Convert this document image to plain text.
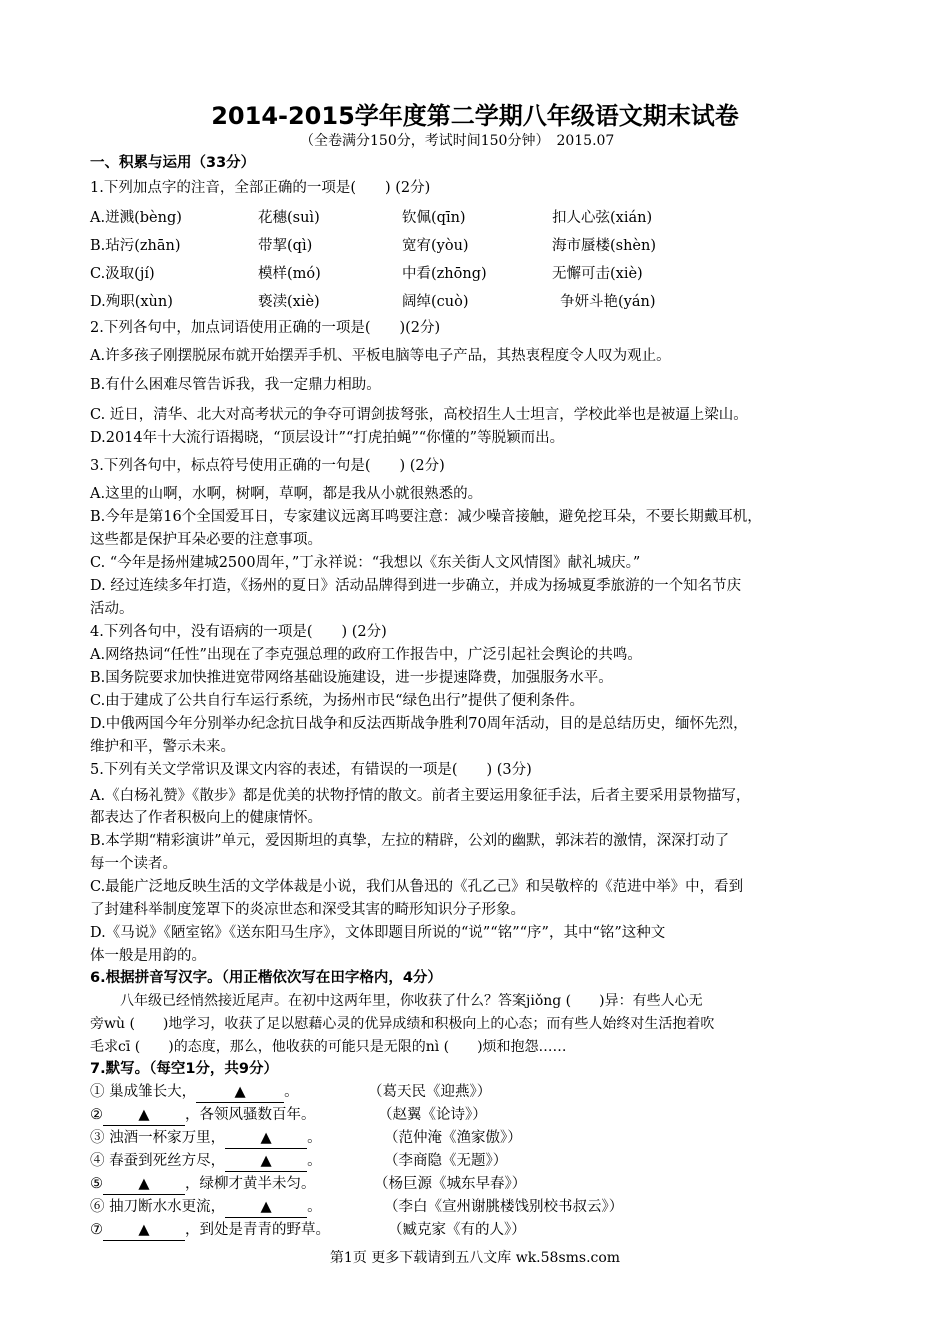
2014-2015学年度第二学期八年级语文期末试卷
（全卷满分150分，考试时间150分钟）　2015.07
一、积累与运用（33分）
1.下列加点字的注音，全部正确的一项是(　　) (2分)
A.迸溅(bèng)	花穗(suì)	钦佩(qīn)	扣人心弦(xián)
B.玷污(zhān)	带挈(qì)	宽宥(yòu)	海市蜃楼(shèn)
C.汲取(jí)	模样(mó)	中看(zhōng)	无懈可击(xiè)
D.殉职(xùn)	亵渎(xiè)	阔绰(cuò)	争妍斗艳(yán)
2.下列各句中，加点词语使用正确的一项是(　　)(2分)
A.许多孩子刚摆脱尿布就开始摆弄手机、平板电脑等电子产品，其热衷程度令人叹为观止。
B.有什么困难尽管告诉我，我一定鼎力相助。
C. 近日，清华、北大对高考状元的争夺可谓剑拔弩张，高校招生人士坦言，学校此举也是被逼上梁山。
D.2014年十大流行语揭晓，“顶层设计”“打虎拍蝇”“你懂的”等脱颖而出。
3.下列各句中，标点符号使用正确的一句是(　　) (2分)
A.这里的山啊，水啊，树啊，草啊，都是我从小就很熟悉的。
B.今年是第16个全国爱耳日，专家建议远离耳鸣要注意：减少噪音接触，避免挖耳朵，不要长期戴耳机，
这些都是保护耳朵必要的注意事项。
C. “今年是扬州建城2500周年，”丁永祥说：“我想以《东关街人文风情图》献礼城庆。”
D. 经过连续多年打造，《扬州的夏日》活动品牌得到进一步确立，并成为扬城夏季旅游的一个知名节庆
活动。
4.下列各句中，没有语病的一项是(　　) (2分)
A.网络热词“任性”出现在了李克强总理的政府工作报告中，广泛引起社会舆论的共鸣。
B.国务院要求加快推进宽带网络基础设施建设，进一步提速降费，加强服务水平。
C.由于建成了公共自行车运行系统，为扬州市民“绿色出行”提供了便利条件。
D.中俄两国今年分别举办纪念抗日战争和反法西斯战争胜利70周年活动，目的是总结历史，缅怀先烈，
维护和平，警示未来。
5.下列有关文学常识及课文内容的表述，有错误的一项是(　　) (3分)
A.《白杨礼赞》《散步》都是优美的状物抒情的散文。前者主要运用象征手法，后者主要采用景物描写，
都表达了作者积极向上的健康情怀。
B.本学期“精彩演讲”单元，爱因斯坦的真挚，左拉的精辟，公刘的幽默，郭沫若的激情，深深打动了
每一个读者。
C.最能广泛地反映生活的文学体裁是小说，我们从鲁迅的《孔乙己》和吴敬梓的《范进中举》中，看到
了封建科举制度笼罩下的炎凉世态和深受其害的畸形知识分子形象。
D.《马说》《陋室铭》《送东阳马生序》，文体即题目所说的“说”“铭”“序”，其中“铭”这种文
体一般是用韵的。
6.根据拼音写汉字。（用正楷依次写在田字格内，4分）
八年级已经悄然接近尾声。在初中这两年里，你收获了什么？答案jiǒng (　　)异：有些人心无
旁wù (　　)地学习，收获了足以慰藉心灵的优异成绩和积极向上的心态；而有些人始终对生活抱着吹
毛求cī (　　)的态度，那么，他收获的可能只是无限的nì (　　)烦和抱怨……
7.默写。（每空1分，共9分）
① 巢成雏长大，	▲	。	（葛天民《迎燕》）
② ▲ ，各领风骚数百年。	（赵翼《论诗》）
③ 浊酒一杯家万里， ▲ 。	（范仲淹《渔家傲》）
④ 春蚕到死丝方尽， ▲ 。	（李商隐《无题》）
⑤ ▲ ，绿柳才黄半未匀。	（杨巨源《城东早春》）
⑥ 抽刀断水水更流， ▲ 。	（李白《宣州谢朓楼饯别校书叔云》）
⑦ ▲ ，到处是青青的野草。	（臧克家《有的人》）
第1页 更多下载请到五八文库 wk.58sms.com
